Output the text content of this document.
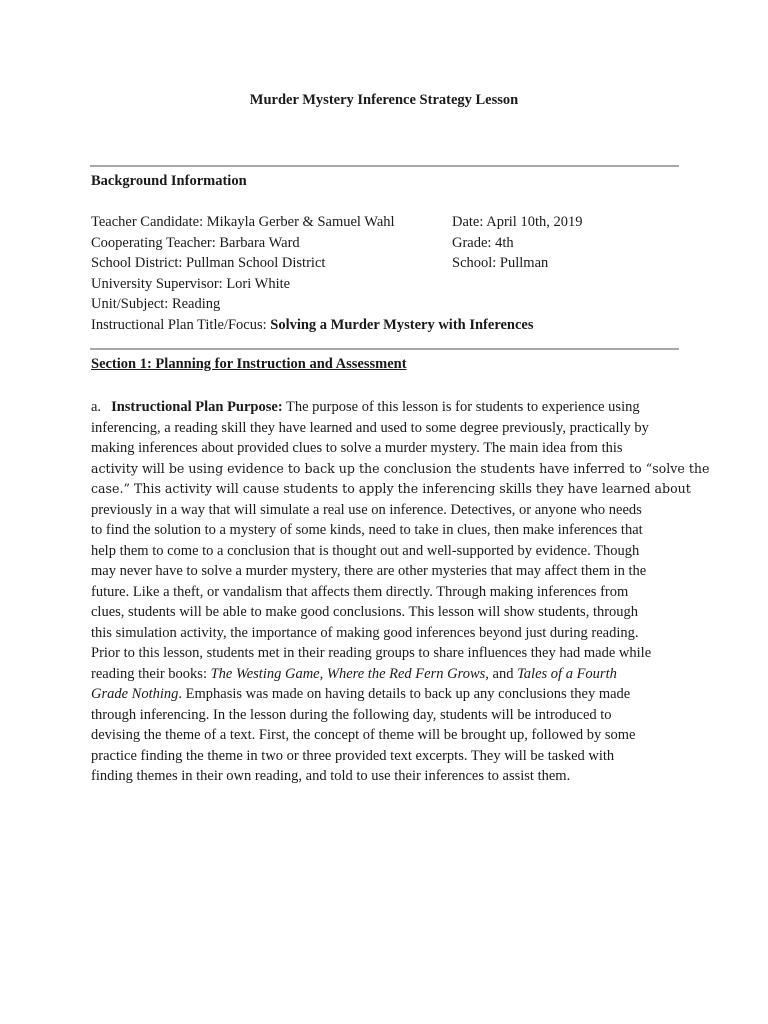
Murder Mystery Inference Strategy Lesson
Background Information
Teacher Candidate: Mikayla Gerber & Samuel Wahl	Date: April 10th, 2019
Cooperating Teacher: Barbara Ward	Grade: 4th
School District: Pullman School District	School: Pullman
University Supervisor: Lori White
Unit/Subject: Reading
Instructional Plan Title/Focus: Solving a Murder Mystery with Inferences
Section 1: Planning for Instruction and Assessment
a. Instructional Plan Purpose: The purpose of this lesson is for students to experience using
inferencing, a reading skill they have learned and used to some degree previously, practically by
making inferences about provided clues to solve a murder mystery. The main idea from this
activity will be using evidence to back up the conclusion the students have inferred to “solve the
case.” This activity will cause students to apply the inferencing skills they have learned about
previously in a way that will simulate a real use on inference. Detectives, or anyone who needs
to find the solution to a mystery of some kinds, need to take in clues, then make inferences that
help them to come to a conclusion that is thought out and well-supported by evidence. Though
may never have to solve a murder mystery, there are other mysteries that may affect them in the
future. Like a theft, or vandalism that affects them directly. Through making inferences from
clues, students will be able to make good conclusions. This lesson will show students, through
this simulation activity, the importance of making good inferences beyond just during reading.
Prior to this lesson, students met in their reading groups to share influences they had made while
reading their books: The Westing Game, Where the Red Fern Grows, and Tales of a Fourth
Grade Nothing. Emphasis was made on having details to back up any conclusions they made
through inferencing. In the lesson during the following day, students will be introduced to
devising the theme of a text. First, the concept of theme will be brought up, followed by some
practice finding the theme in two or three provided text excerpts. They will be tasked with
finding themes in their own reading, and told to use their inferences to assist them.
